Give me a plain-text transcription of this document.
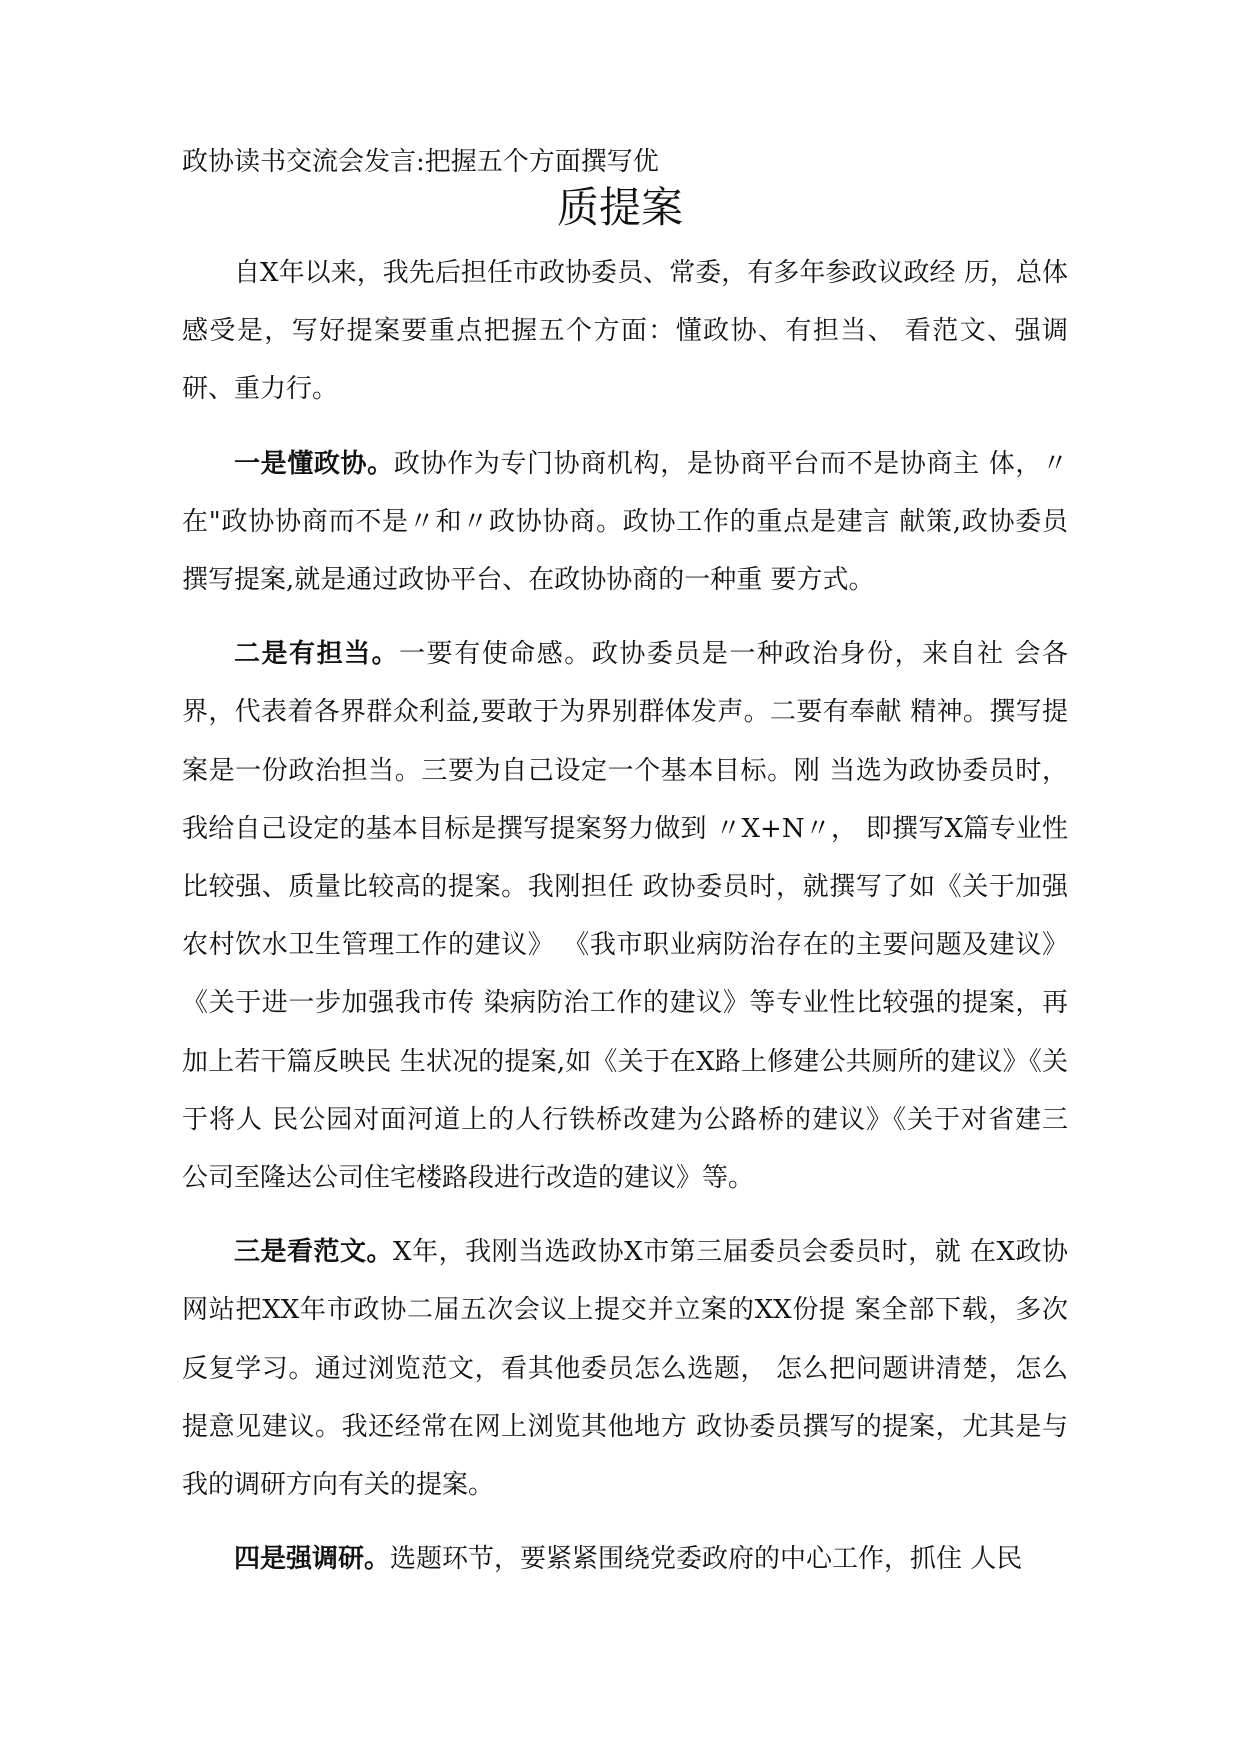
政协读书交流会发言:把握五个方面撰写优
质提案

自X年以来，我先后担任市政协委员、常委，有多年参政议政经 历，总体感受是，写好提案要重点把握五个方面：懂政协、有担当、 看范文、强调研、重力行。

一是懂政协。政协作为专门协商机构，是协商平台而不是协商主 体，〃在"政协协商而不是〃和〃政协协商。政协工作的重点是建言 献策,政协委员撰写提案,就是通过政协平台、在政协协商的一种重 要方式。

二是有担当。一要有使命感。政协委员是一种政治身份，来自社 会各界，代表着各界群众利益,要敢于为界别群体发声。二要有奉献 精神。撰写提案是一份政治担当。三要为自己设定一个基本目标。刚 当选为政协委员时，我给自己设定的基本目标是撰写提案努力做到 〃X+N〃， 即撰写X篇专业性比较强、质量比较高的提案。我刚担任 政协委员时，就撰写了如《关于加强农村饮水卫生管理工作的建议》 《我市职业病防治存在的主要问题及建议》《关于进一步加强我市传 染病防治工作的建议》等专业性比较强的提案，再加上若干篇反映民 生状况的提案,如《关于在X路上修建公共厕所的建议》《关于将人 民公园对面河道上的人行铁桥改建为公路桥的建议》《关于对省建三 公司至隆达公司住宅楼路段进行改造的建议》等。

三是看范文。X年，我刚当选政协X市第三届委员会委员时，就 在X政协网站把XX年市政协二届五次会议上提交并立案的XX份提 案全部下载，多次反复学习。通过浏览范文，看其他委员怎么选题， 怎么把问题讲清楚，怎么提意见建议。我还经常在网上浏览其他地方 政协委员撰写的提案，尤其是与我的调研方向有关的提案。

四是强调研。选题环节，要紧紧围绕党委政府的中心工作，抓住 人民
